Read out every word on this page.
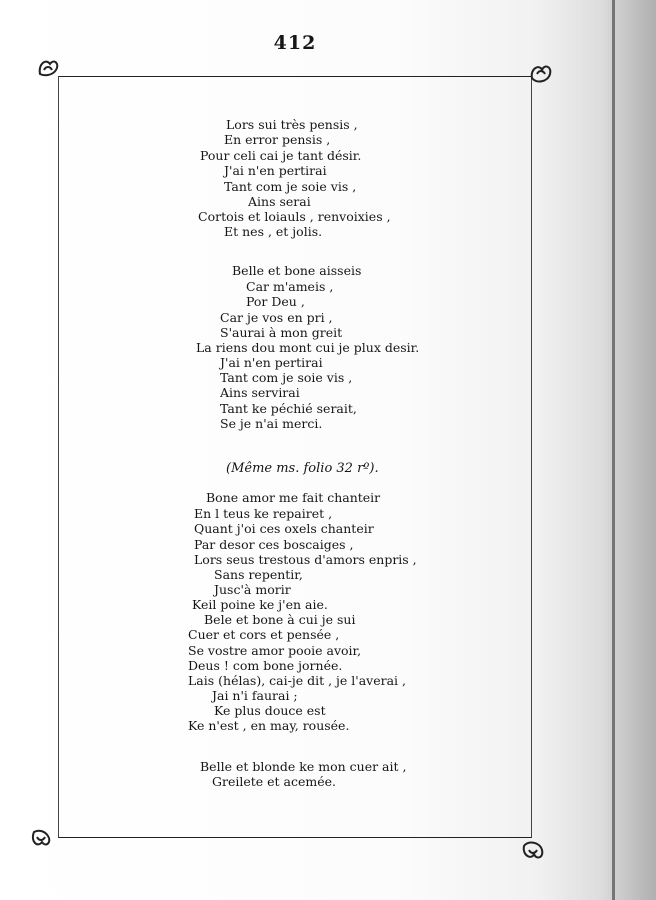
412
Lors sui très pensis ,
En error pensis ,
Pour celi cai je tant désir.
J'ai n'en pertirai
Tant com je soie vis ,
Ains serai
Cortois et loiauls , renvoixies ,
Et nes , et jolis.
Belle et bone aisseis
Car m'ameis ,
Por Deu ,
Car je vos en pri ,
S'aurai à mon greit
La riens dou mont cui je plux desir.
J'ai n'en pertirai
Tant com je soie vis ,
Ains servirai
Tant ke péchié serait,
Se je n'ai merci.
(Même ms. folio 32 rº).
Bone amor me fait chanteir
En l teus ke repairet ,
Quant j'oi ces oxels chanteir
Par desor ces boscaiges ,
Lors seus trestous d'amors enpris ,
Sans repentir,
Jusc'à morir
Keil poine ke j'en aie.
Bele et bone à cui je sui
Cuer et cors et pensée ,
Se vostre amor pooie avoir,
Deus ! com bone jornée.
Lais (hélas), cai-je dit , je l'averai ,
Jai n'i faurai ;
Ke plus douce est
Ke n'est , en may, rousée.
Belle et blonde ke mon cuer ait ,
Greilete et acemée.
